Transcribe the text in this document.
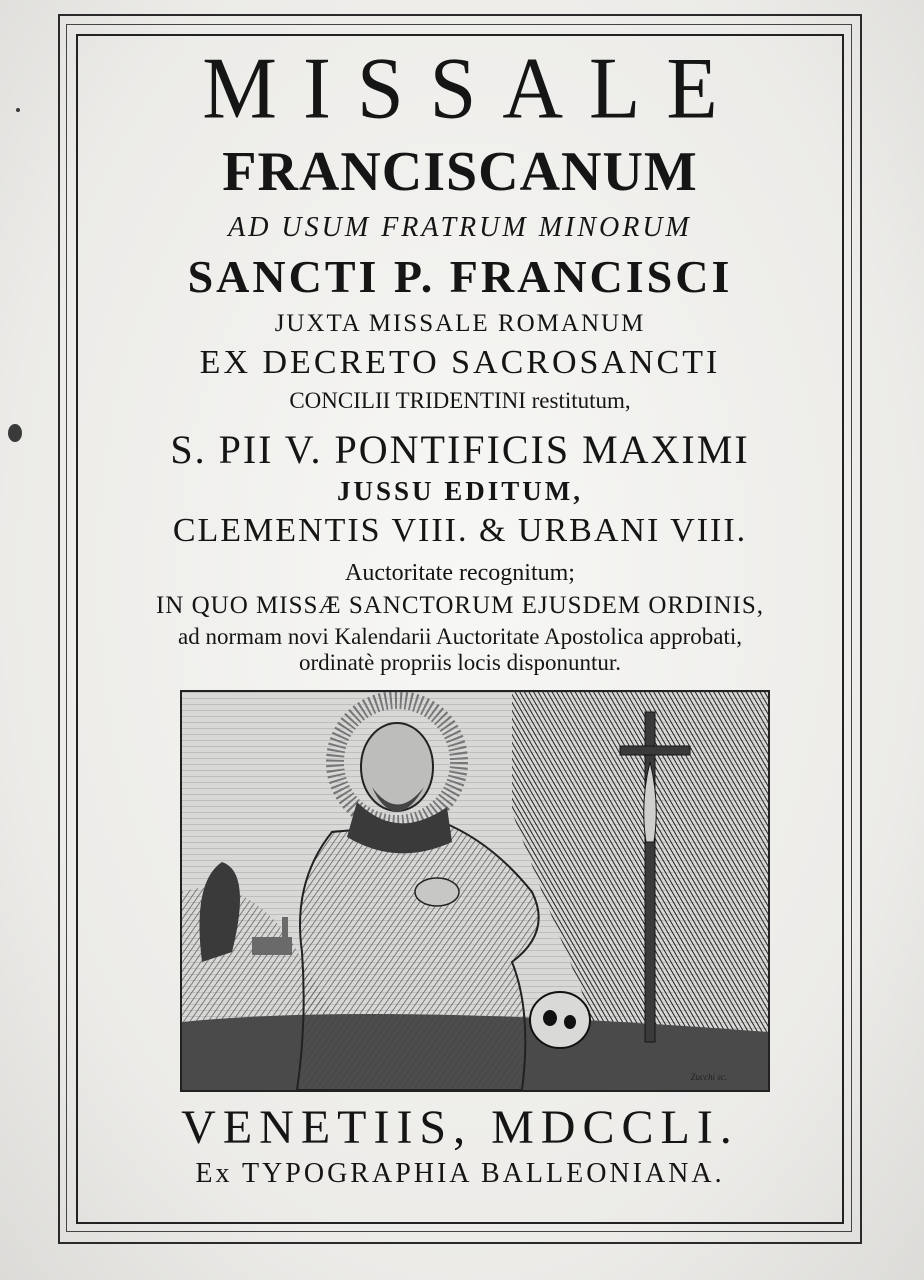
MISSALE
FRANCISCANUM
AD USUM FRATRUM MINORUM
SANCTI P. FRANCISCI
JUXTA MISSALE ROMANUM
EX DECRETO SACROSANCTI
CONCILII TRIDENTINI restitutum,
S. PII V. PONTIFICIS MAXIMI
JUSSU EDITUM,
CLEMENTIS VIII. & URBANI VIII.
Auctoritate recognitum;
IN QUO MISSÆ SANCTORUM EJUSDEM ORDINIS,
ad normam novi Kalendarii Auctoritate Apostolica approbati,
ordinatè propriis locis disponuntur.
Zucchi sc.
VENETIIS, MDCCLI.
Ex TYPOGRAPHIA BALLEONIANA.
